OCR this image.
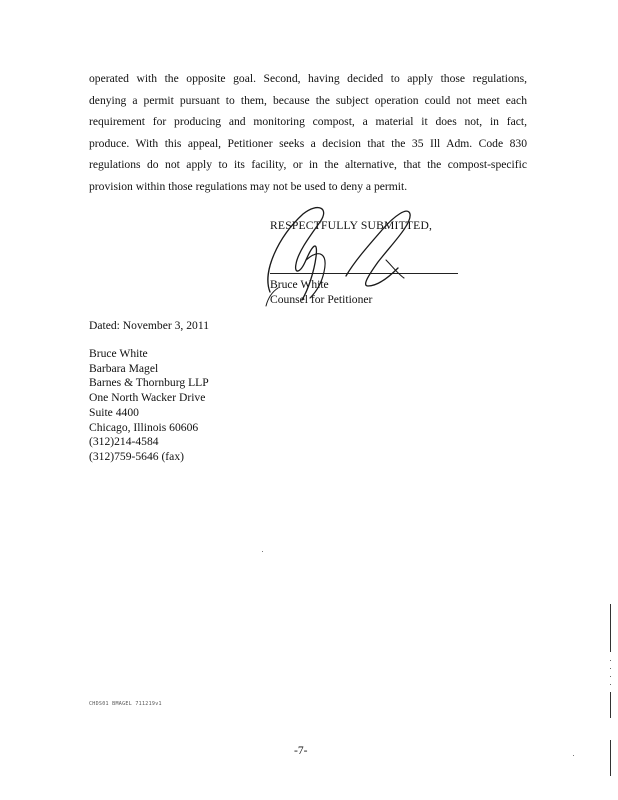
operated with the opposite goal. Second, having decided to apply those regulations,
denying a permit pursuant to them, because the subject operation could not meet each
requirement for producing and monitoring compost, a material it does not, in fact,
produce. With this appeal, Petitioner seeks a decision that the 35 Ill Adm. Code 830
regulations do not apply to its facility, or in the alternative, that the compost-specific
provision within those regulations may not be used to deny a permit.
RESPECTFULLY SUBMITTED,
Bruce White
Counsel for Petitioner
Dated: November 3, 2011
Bruce White
Barbara Magel
Barnes & Thornburg LLP
One North Wacker Drive
Suite 4400
Chicago, Illinois 60606
(312)214-4584
(312)759-5646 (fax)
CHDS01 BMAGEL 711219v1
-7-
